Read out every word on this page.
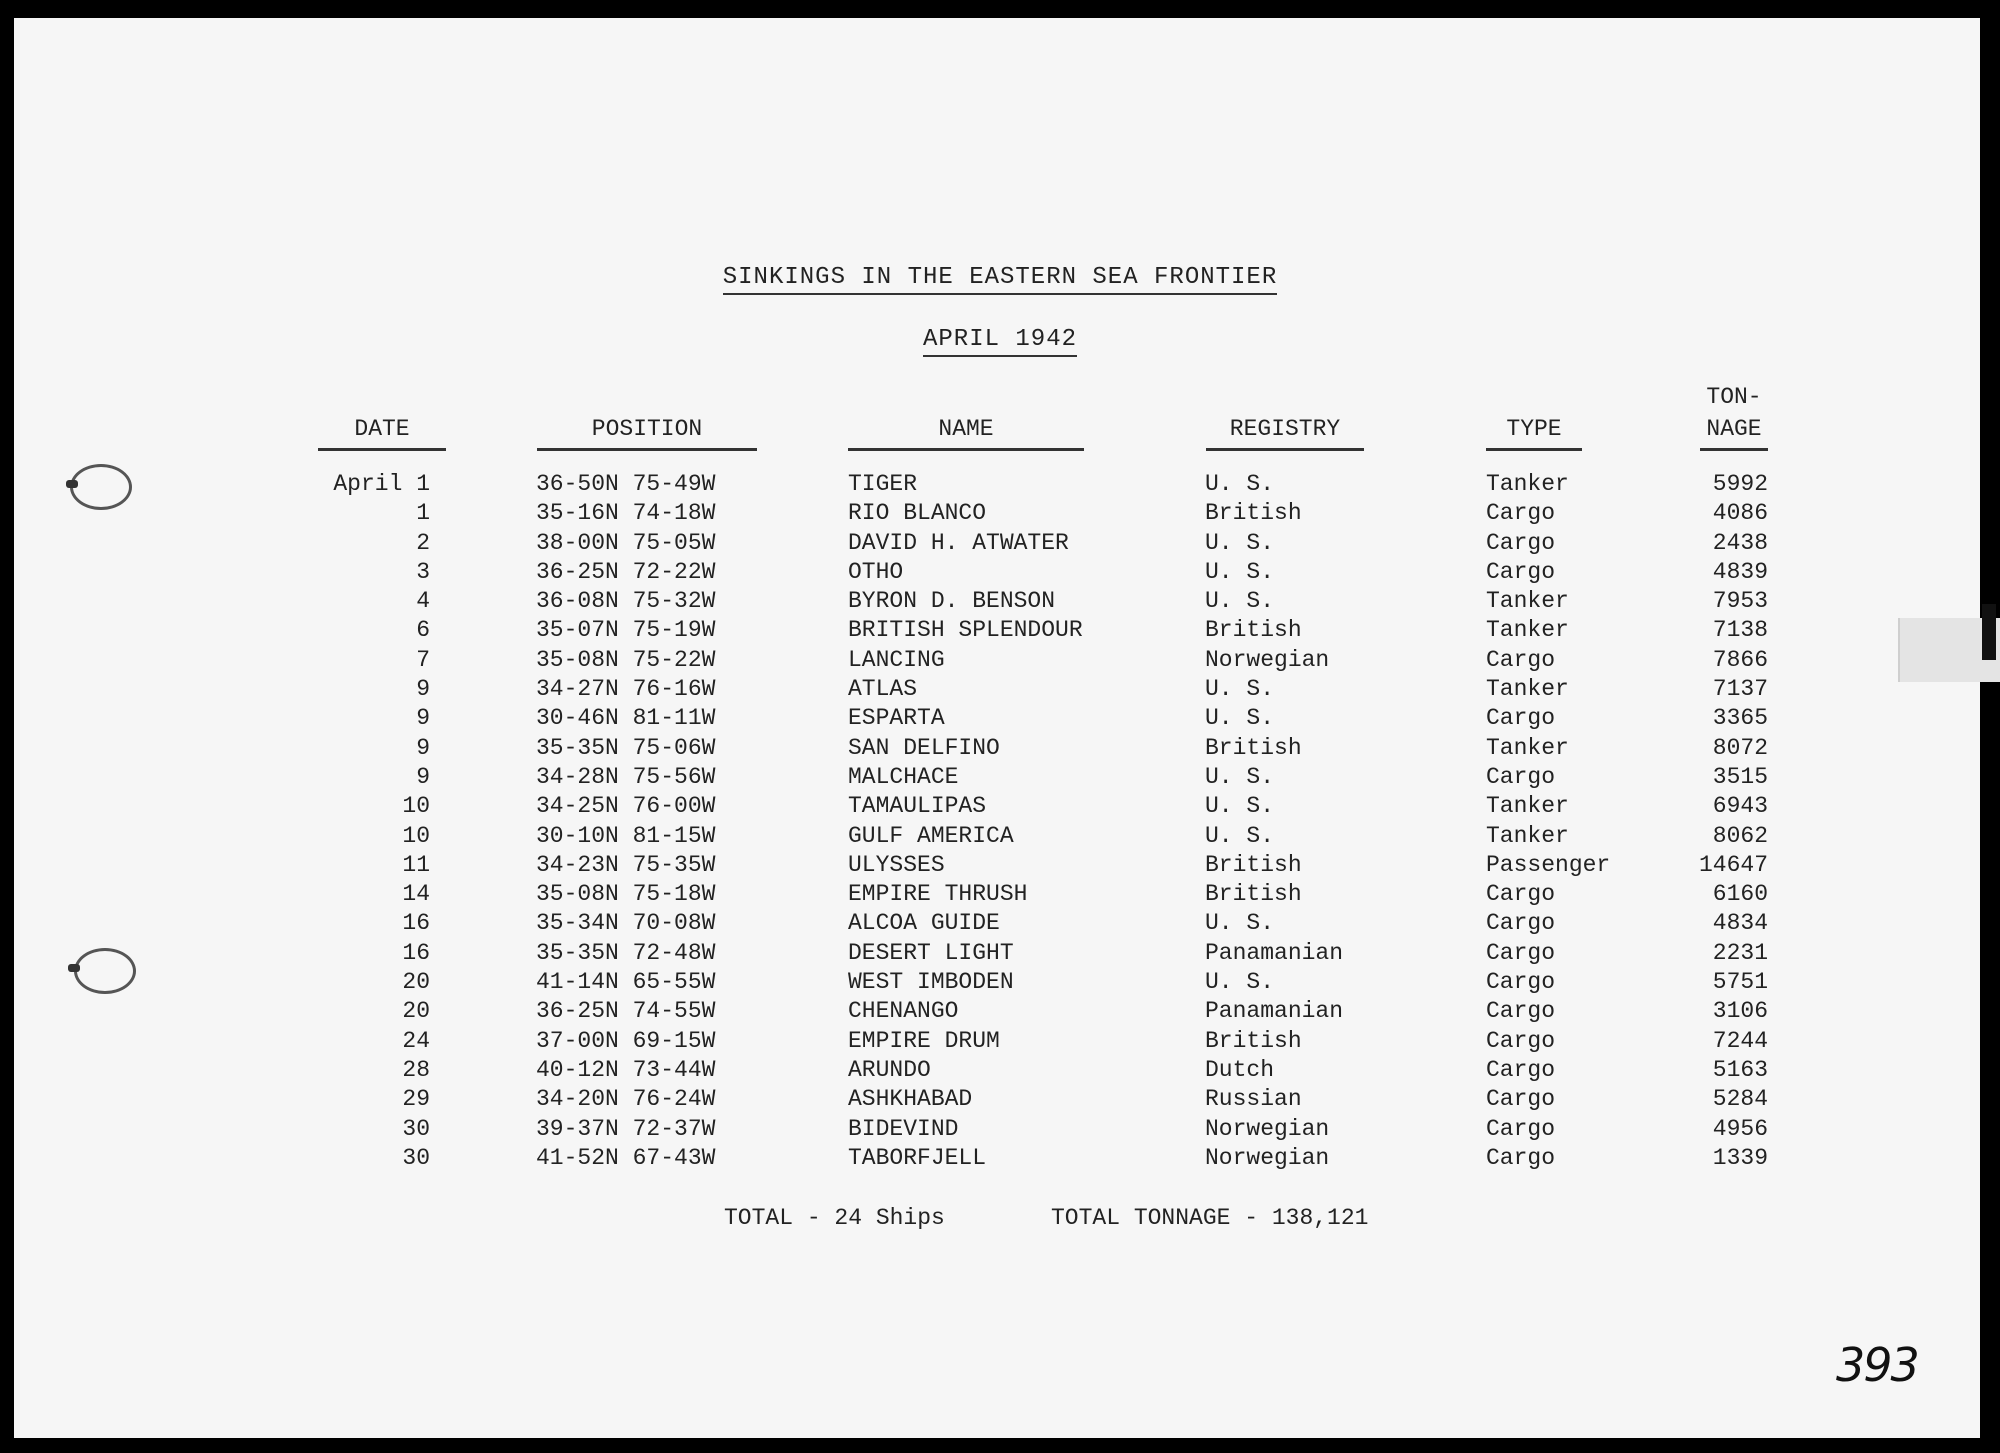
SINKINGS IN THE EASTERN SEA FRONTIER
APRIL 1942
DATE	POSITION	NAME	REGISTRY	TYPE
TON-
NAGE
April 1	36-50N 75-49W	TIGER	U. S.	Tanker	5992
1	35-16N 74-18W	RIO BLANCO	British	Cargo	4086
2	38-00N 75-05W	DAVID H. ATWATER	U. S.	Cargo	2438
3	36-25N 72-22W	OTHO	U. S.	Cargo	4839
4	36-08N 75-32W	BYRON D. BENSON	U. S.	Tanker	7953
6	35-07N 75-19W	BRITISH SPLENDOUR	British	Tanker	7138
7	35-08N 75-22W	LANCING	Norwegian	Cargo	7866
9	34-27N 76-16W	ATLAS	U. S.	Tanker	7137
9	30-46N 81-11W	ESPARTA	U. S.	Cargo	3365
9	35-35N 75-06W	SAN DELFINO	British	Tanker	8072
9	34-28N 75-56W	MALCHACE	U. S.	Cargo	3515
10	34-25N 76-00W	TAMAULIPAS	U. S.	Tanker	6943
10	30-10N 81-15W	GULF AMERICA	U. S.	Tanker	8062
11	34-23N 75-35W	ULYSSES	British	Passenger	14647
14	35-08N 75-18W	EMPIRE THRUSH	British	Cargo	6160
16	35-34N 70-08W	ALCOA GUIDE	U. S.	Cargo	4834
16	35-35N 72-48W	DESERT LIGHT	Panamanian	Cargo	2231
20	41-14N 65-55W	WEST IMBODEN	U. S.	Cargo	5751
20	36-25N 74-55W	CHENANGO	Panamanian	Cargo	3106
24	37-00N 69-15W	EMPIRE DRUM	British	Cargo	7244
28	40-12N 73-44W	ARUNDO	Dutch	Cargo	5163
29	34-20N 76-24W	ASHKHABAD	Russian	Cargo	5284
30	39-37N 72-37W	BIDEVIND	Norwegian	Cargo	4956
30	41-52N 67-43W	TABORFJELL	Norwegian	Cargo	1339
TOTAL - 24 Ships	TOTAL TONNAGE - 138,121
393
